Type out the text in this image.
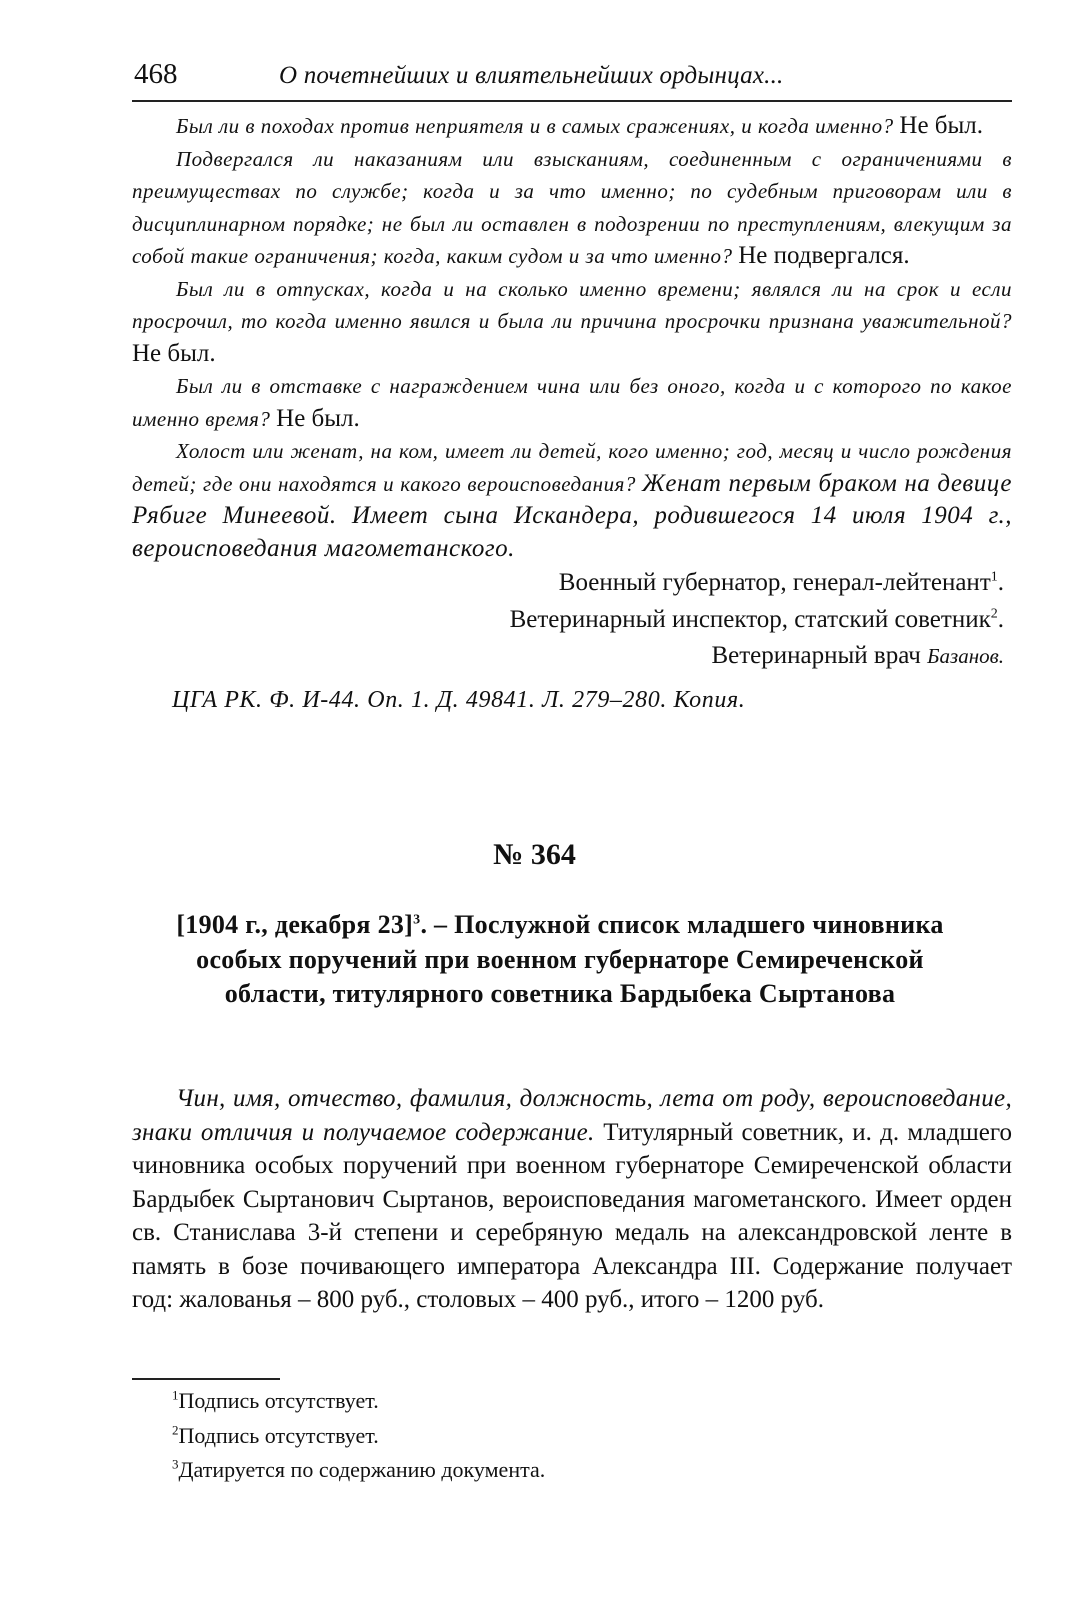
468	О почетнейших и влиятельнейших ордынцах...

Был ли в походах против неприятеля и в самых сражениях, и когда именно? Не был.

Подвергался ли наказаниям или взысканиям, соединенным с ограничениями в преимуществах по службе; когда и за что именно; по судебным приговорам или в дисциплинарном порядке; не был ли оставлен в подозрении по преступлениям, влекущим за собой такие ограничения; когда, каким судом и за что именно? Не подвергался.

Был ли в отпусках, когда и на сколько именно времени; являлся ли на срок и если просрочил, то когда именно явился и была ли причина просрочки признана уважительной? Не был.

Был ли в отставке с награждением чина или без оного, когда и с которого по какое именно время? Не был.

Холост или женат, на ком, имеет ли детей, кого именно; год, месяц и число рождения детей; где они находятся и какого вероисповедания? Женат первым браком на девице Рябиге Минеевой. Имеет сына Искандера, родившегося 14 июля 1904 г., вероисповедания магометанского.

Военный губернатор, генерал-лейтенант$^1$.
Ветеринарный инспектор, статский советник$^2$.
Ветеринарный врач Базанов.
ЦГА РК. Ф. И-44. Оп. 1. Д. 49841. Л. 279–280. Копия.
№ 364
[1904 г., декабря 23]$^3$. – Послужной список младшего чиновника особых поручений при военном губернаторе Семиреченской области, титулярного советника Бардыбека Сыртанова

Чин, имя, отчество, фамилия, должность, лета от роду, вероисповедание, знаки отличия и получаемое содержание. Титулярный советник, и. д. младшего чиновника особых поручений при военном губернаторе Семиреченской области Бардыбек Сыртанович Сыртанов, вероисповедания магометанского. Имеет орден св. Станислава 3-й степени и серебряную медаль на александровской ленте в память в бозе почивающего императора Александра III. Содержание получает год: жалованья – 800 руб., столовых – 400 руб., итого – 1200 руб.

$^1$Подпись отсутствует.
$^2$Подпись отсутствует.
$^3$Датируется по содержанию документа.
